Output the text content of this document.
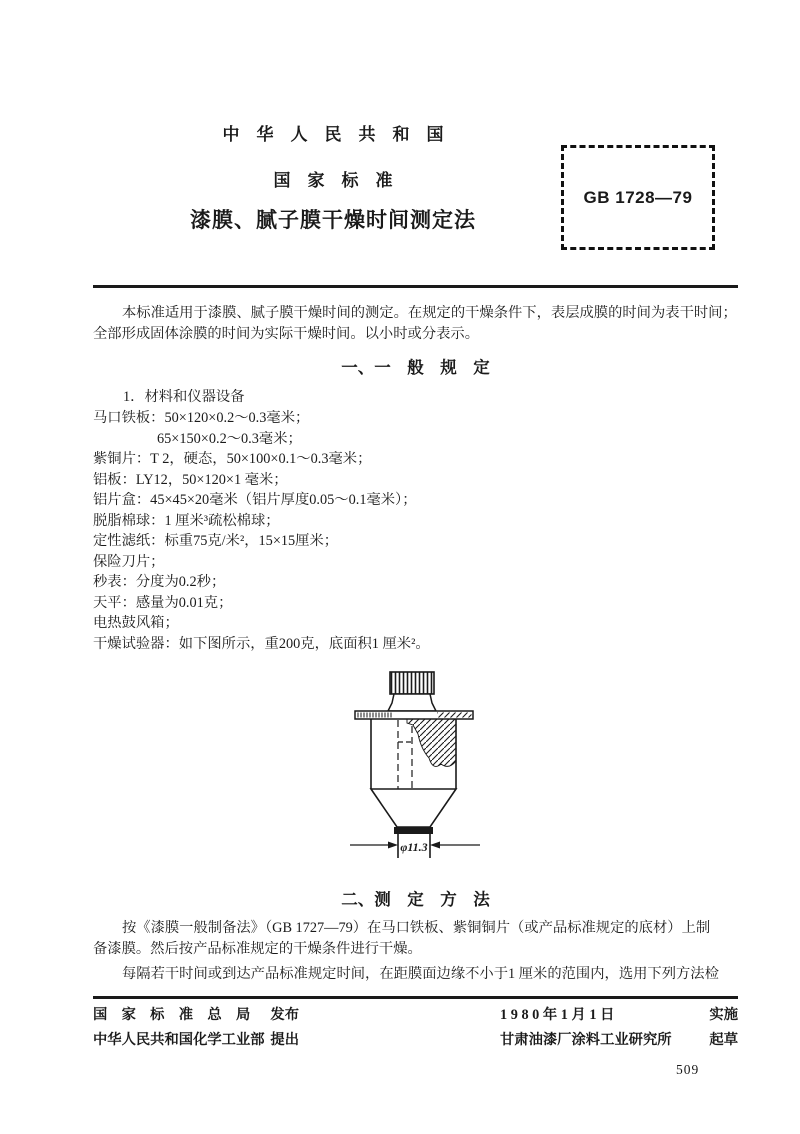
中　华　人　民　共　和　国
国　家　标　准
漆膜、腻子膜干燥时间测定法
GB 1728—79
本标准适用于漆膜、腻子膜干燥时间的测定。在规定的干燥条件下，表层成膜的时间为表干时间；
全部形成固体涂膜的时间为实际干燥时间。以小时或分表示。
一、一　般　规　定
1．材料和仪器设备
马口铁板：50×120×0.2～0.3毫米；
65×150×0.2～0.3毫米；
紫铜片：T 2，硬态，50×100×0.1～0.3毫米；
铝板：LY12，50×120×1 毫米；
铝片盒：45×45×20毫米（铝片厚度0.05～0.1毫米）；
脱脂棉球：1 厘米³疏松棉球；
定性滤纸：标重75克/米²，15×15厘米；
保险刀片；
秒表：分度为0.2秒；
天平：感量为0.01克；
电热鼓风箱；
干燥试验器：如下图所示，重200克，底面积1 厘米²。
φ11.3
二、测　定　方　法
按《漆膜一般制备法》（GB 1727—79）在马口铁板、紫铜铜片（或产品标准规定的底材）上制
备漆膜。然后按产品标准规定的干燥条件进行干燥。
每隔若干时间或到达产品标准规定时间，在距膜面边缘不小于1 厘米的范围内，选用下列方法检
国　家　标　准　总　局 发布	1 9 8 0 年 1 月 1 日	实施
中华人民共和国化学工业部 提出	甘肃油漆厂涂料工业研究所	起草
509
